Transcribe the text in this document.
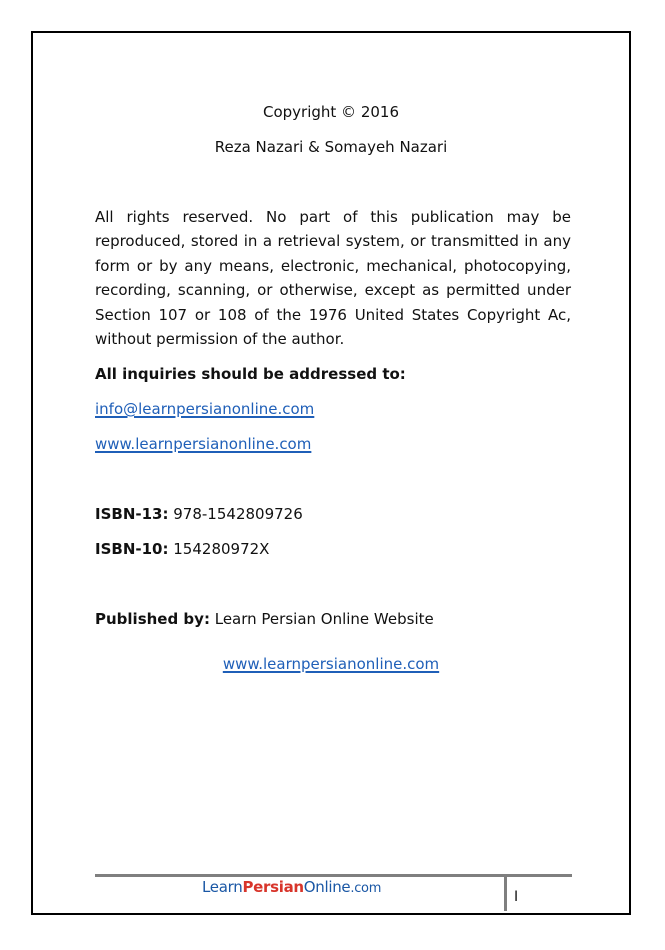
Copyright © 2016
Reza Nazari & Somayeh Nazari
All rights reserved. No part of this publication may be reproduced, stored in a retrieval system, or transmitted in any form or by any means, electronic, mechanical, photocopying, recording, scanning, or otherwise, except as permitted under Section 107 or 108 of the 1976 United States Copyright Ac, without permission of the author.
All inquiries should be addressed to:
info@learnpersianonline.com
www.learnpersianonline.com
ISBN-13: 978-1542809726
ISBN-10: 154280972X
Published by: Learn Persian Online Website
www.learnpersianonline.com
LearnPersianOnline.com
I
